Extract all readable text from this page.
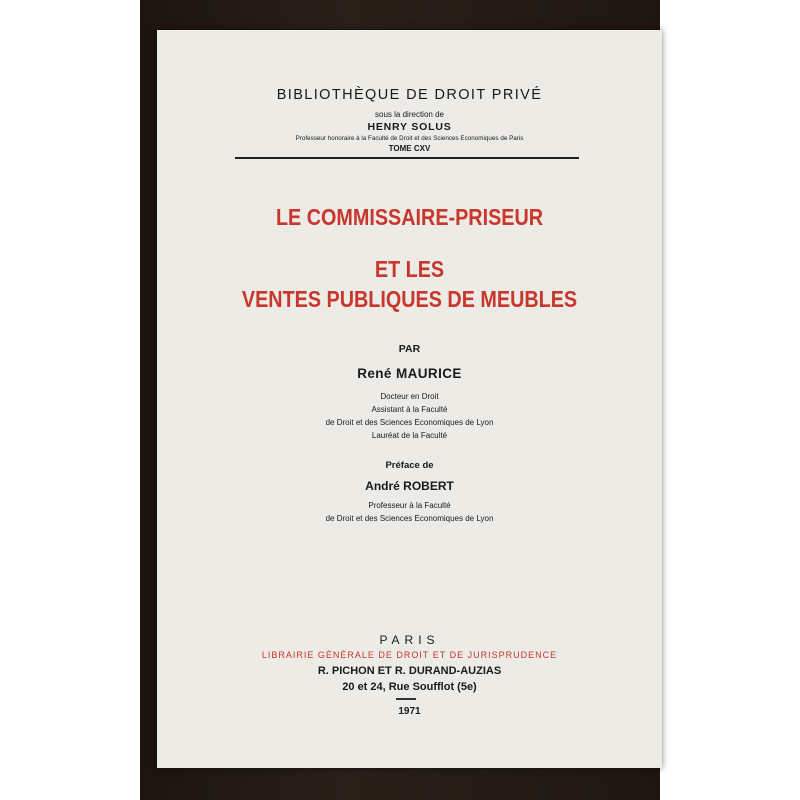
BIBLIOTHÈQUE DE DROIT PRIVÉ
sous la direction de
HENRY SOLUS
Professeur honoraire à la Faculté de Droit et des Sciences Economiques de Paris
TOME CXV
LE COMMISSAIRE-PRISEUR
ET LES
VENTES PUBLIQUES DE MEUBLES
PAR
René MAURICE
Docteur en Droit
Assistant à la Faculté
de Droit et des Sciences Economiques de Lyon
Lauréat de la Faculté
Préface de
André ROBERT
Professeur à la Faculté
de Droit et des Sciences Economiques de Lyon
PARIS
LIBRAIRIE GÉNÉRALE DE DROIT ET DE JURISPRUDENCE
R. PICHON ET R. DURAND-AUZIAS
20 et 24, Rue Soufflot (5e)
1971
